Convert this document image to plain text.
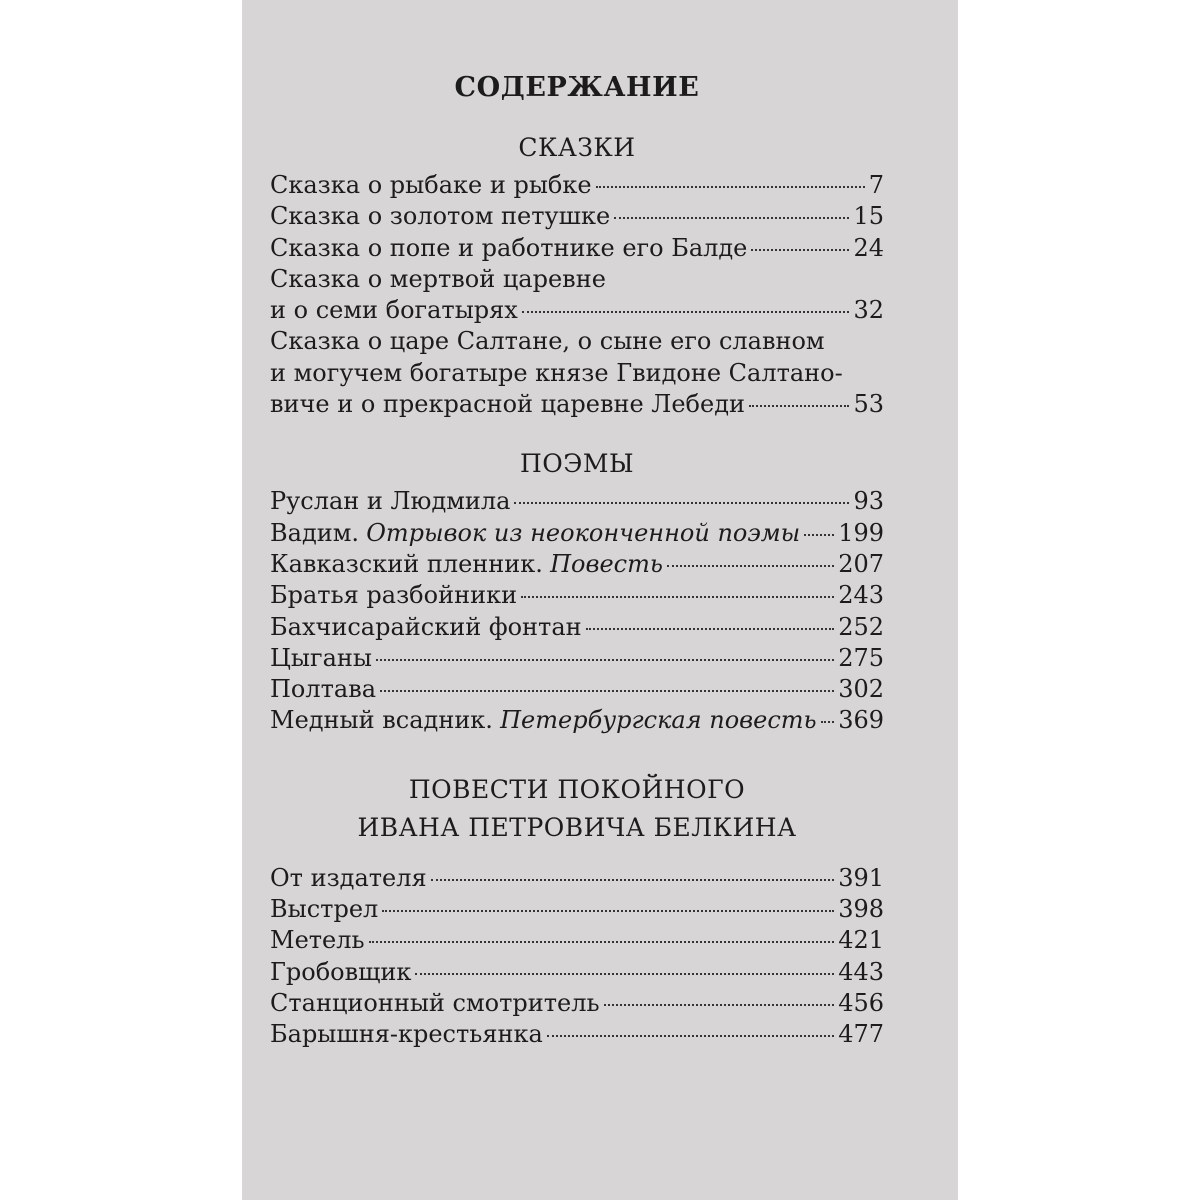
СОДЕРЖАНИЕ
СКАЗКИ
Сказка о рыбаке и рыбке	7
Сказка о золотом петушке	15
Сказка о попе и работнике его Балде	24
Сказка о мертвой царевне
и о семи богатырях	32
Сказка о царе Салтане, о сыне его славном
и могучем богатыре князе Гвидоне Салтано-
виче и о прекрасной царевне Лебеди	53
ПОЭМЫ
Руслан и Людмила	93
Вадим. Отрывок из неоконченной поэмы 199
Кавказский пленник. Повесть	207
Братья разбойники	243
Бахчисарайский фонтан	252
Цыганы	275
Полтава	302
Медный всадник. Петербургская повесть 369
ПОВЕСТИ ПОКОЙНОГО
ИВАНА ПЕТРОВИЧА БЕЛКИНА
От издателя	391
Выстрел	398
Метель	421
Гробовщик	443
Станционный смотритель	456
Барышня-крестьянка	477
